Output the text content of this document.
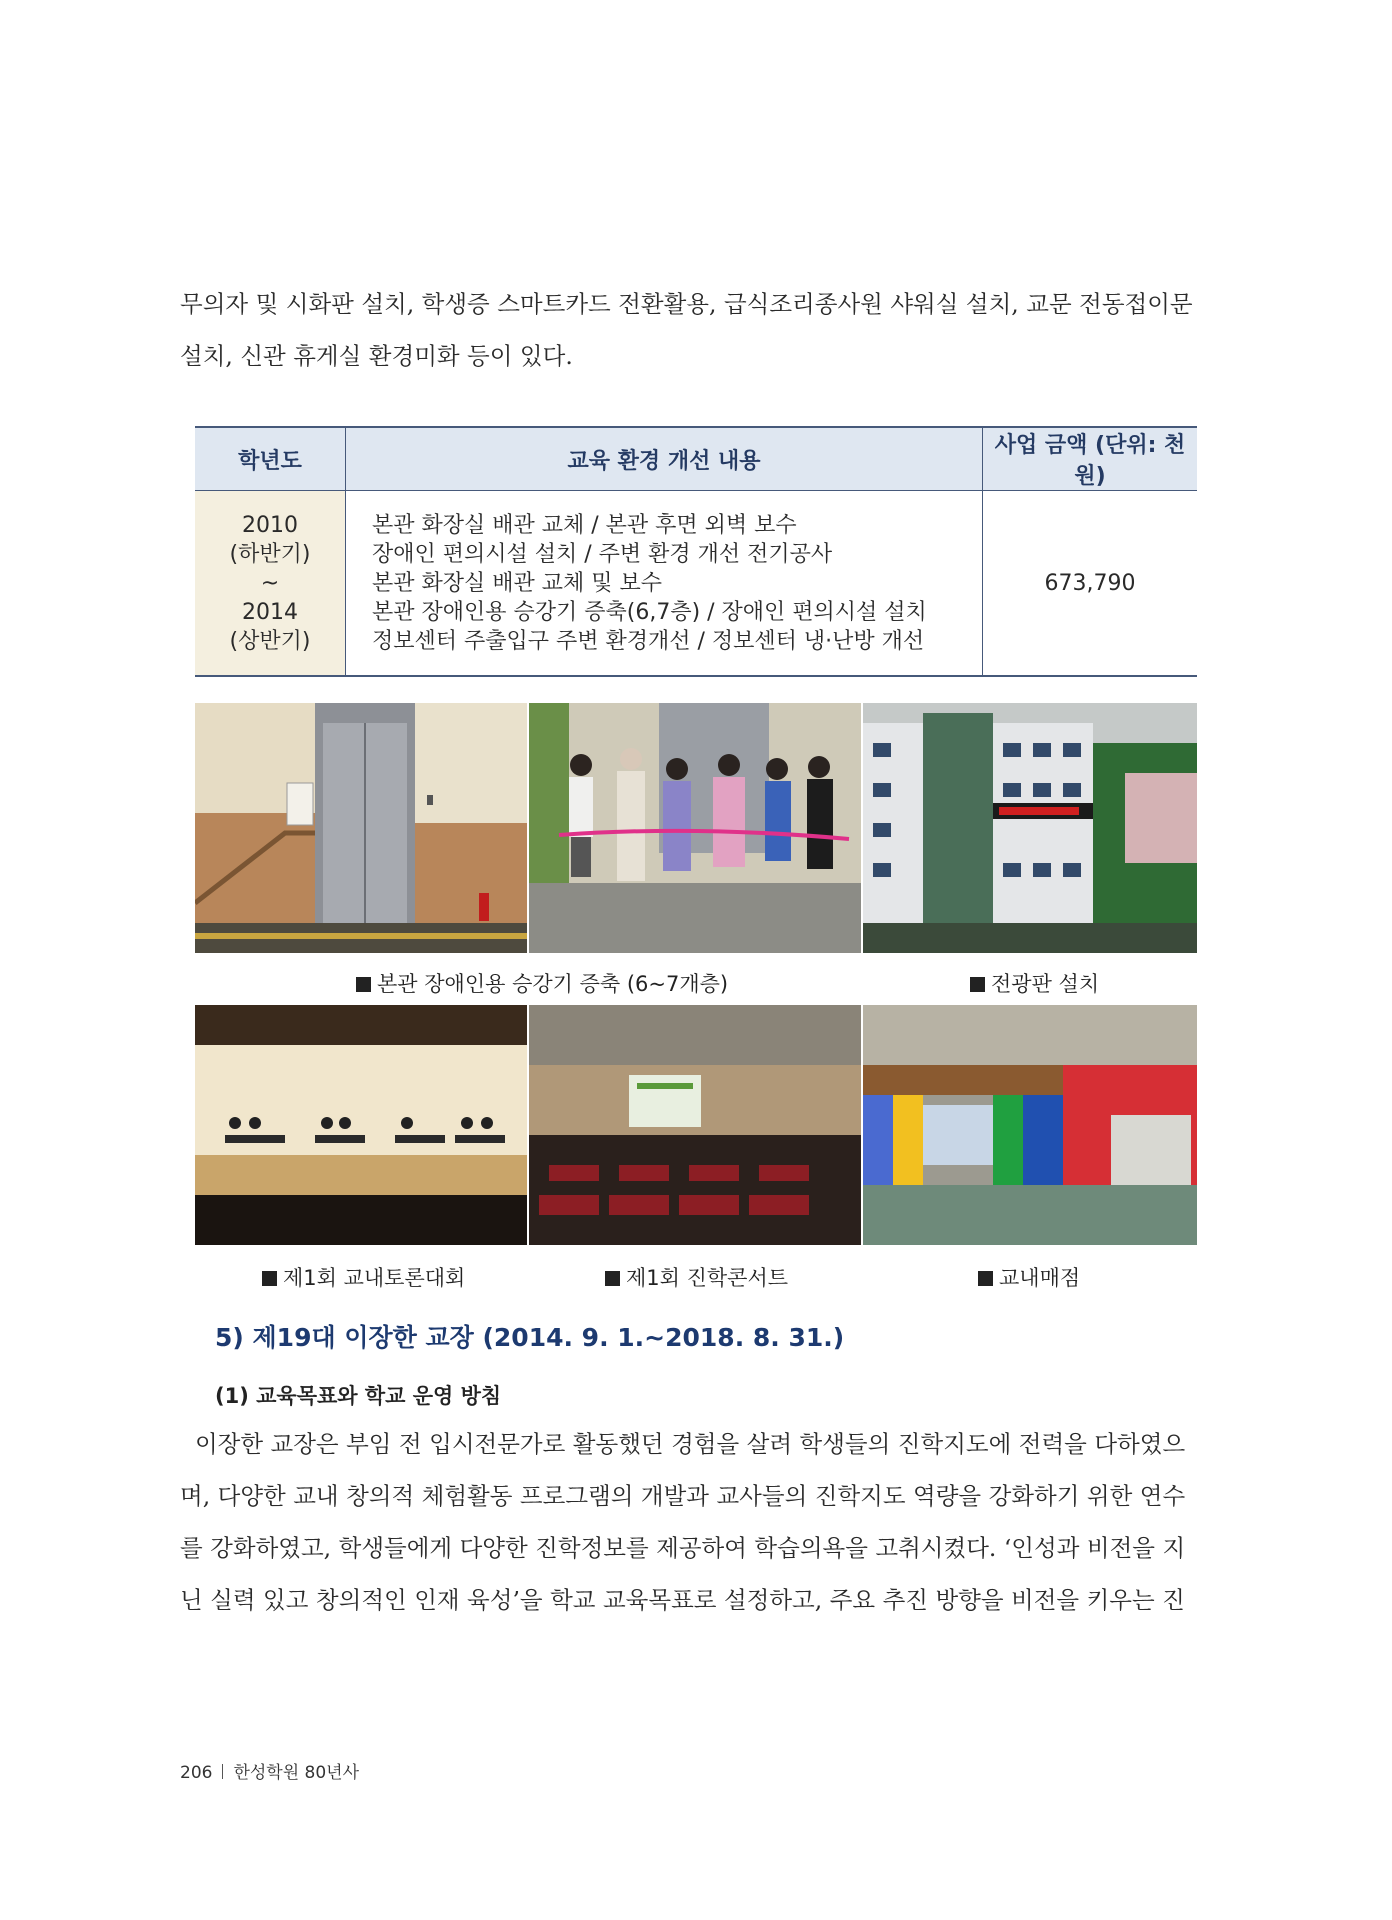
무의자 및 시화판 설치, 학생증 스마트카드 전환활용, 급식조리종사원 샤워실 설치, 교문 전동접이문
설치, 신관 휴게실 환경미화 등이 있다.
학년도	교육 환경 개선 내용	사업 금액 (단위: 천원)

2010
(하반기)
~
2014
(상반기)	본관 화장실 배관 교체 / 본관 후면 외벽 보수
장애인 편의시설 설치 / 주변 환경 개선 전기공사
본관 화장실 배관 교체 및 보수
본관 장애인용 승강기 증축(6,7층) / 장애인 편의시설 설치
정보센터 주출입구 주변 환경개선 / 정보센터 냉·난방 개선	673,790
본관 장애인용 승강기 증축 (6~7개층)	전광판 설치
제1회 교내토론대회	제1회 진학콘서트	교내매점
5) 제19대 이장한 교장 (2014. 9. 1.~2018. 8. 31.)
(1) 교육목표와 학교 운영 방침
이장한 교장은 부임 전 입시전문가로 활동했던 경험을 살려 학생들의 진학지도에 전력을 다하였으
며, 다양한 교내 창의적 체험활동 프로그램의 개발과 교사들의 진학지도 역량을 강화하기 위한 연수
를 강화하였고, 학생들에게 다양한 진학정보를 제공하여 학습의욕을 고취시켰다. ‘인성과 비전을 지
닌 실력 있고 창의적인 인재 육성’을 학교 교육목표로 설정하고, 주요 추진 방향을 비전을 키우는 진
206 한성학원 80년사
